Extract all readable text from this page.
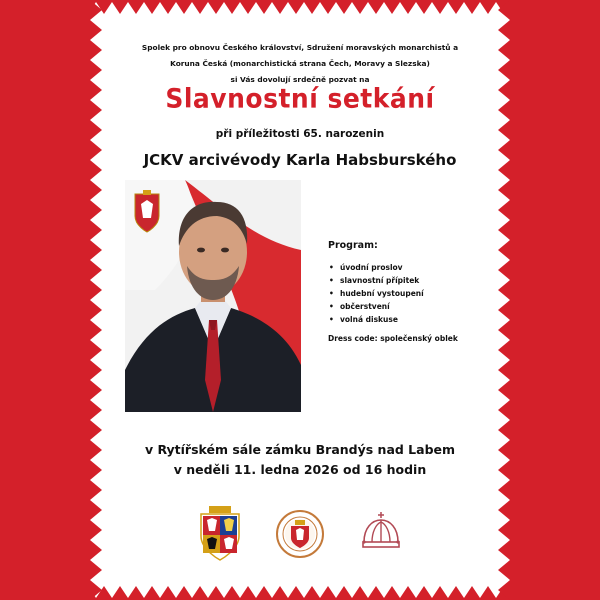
Spolek pro obnovu Českého království, Sdružení moravských monarchistů a
Koruna Česká (monarchistická strana Čech, Moravy a Slezska)
si Vás dovolují srdečně pozvat na
Slavnostní setkání
při příležitosti 65. narozenin
JCKV arcivévody Karla Habsburského
Program:
• úvodní proslov
• slavnostní přípitek
• hudební vystoupení
• občerstvení
• volná diskuse
Dress code: společenský oblek
v Rytířském sále zámku Brandýs nad Labem
v neděli 11. ledna 2026 od 16 hodin
